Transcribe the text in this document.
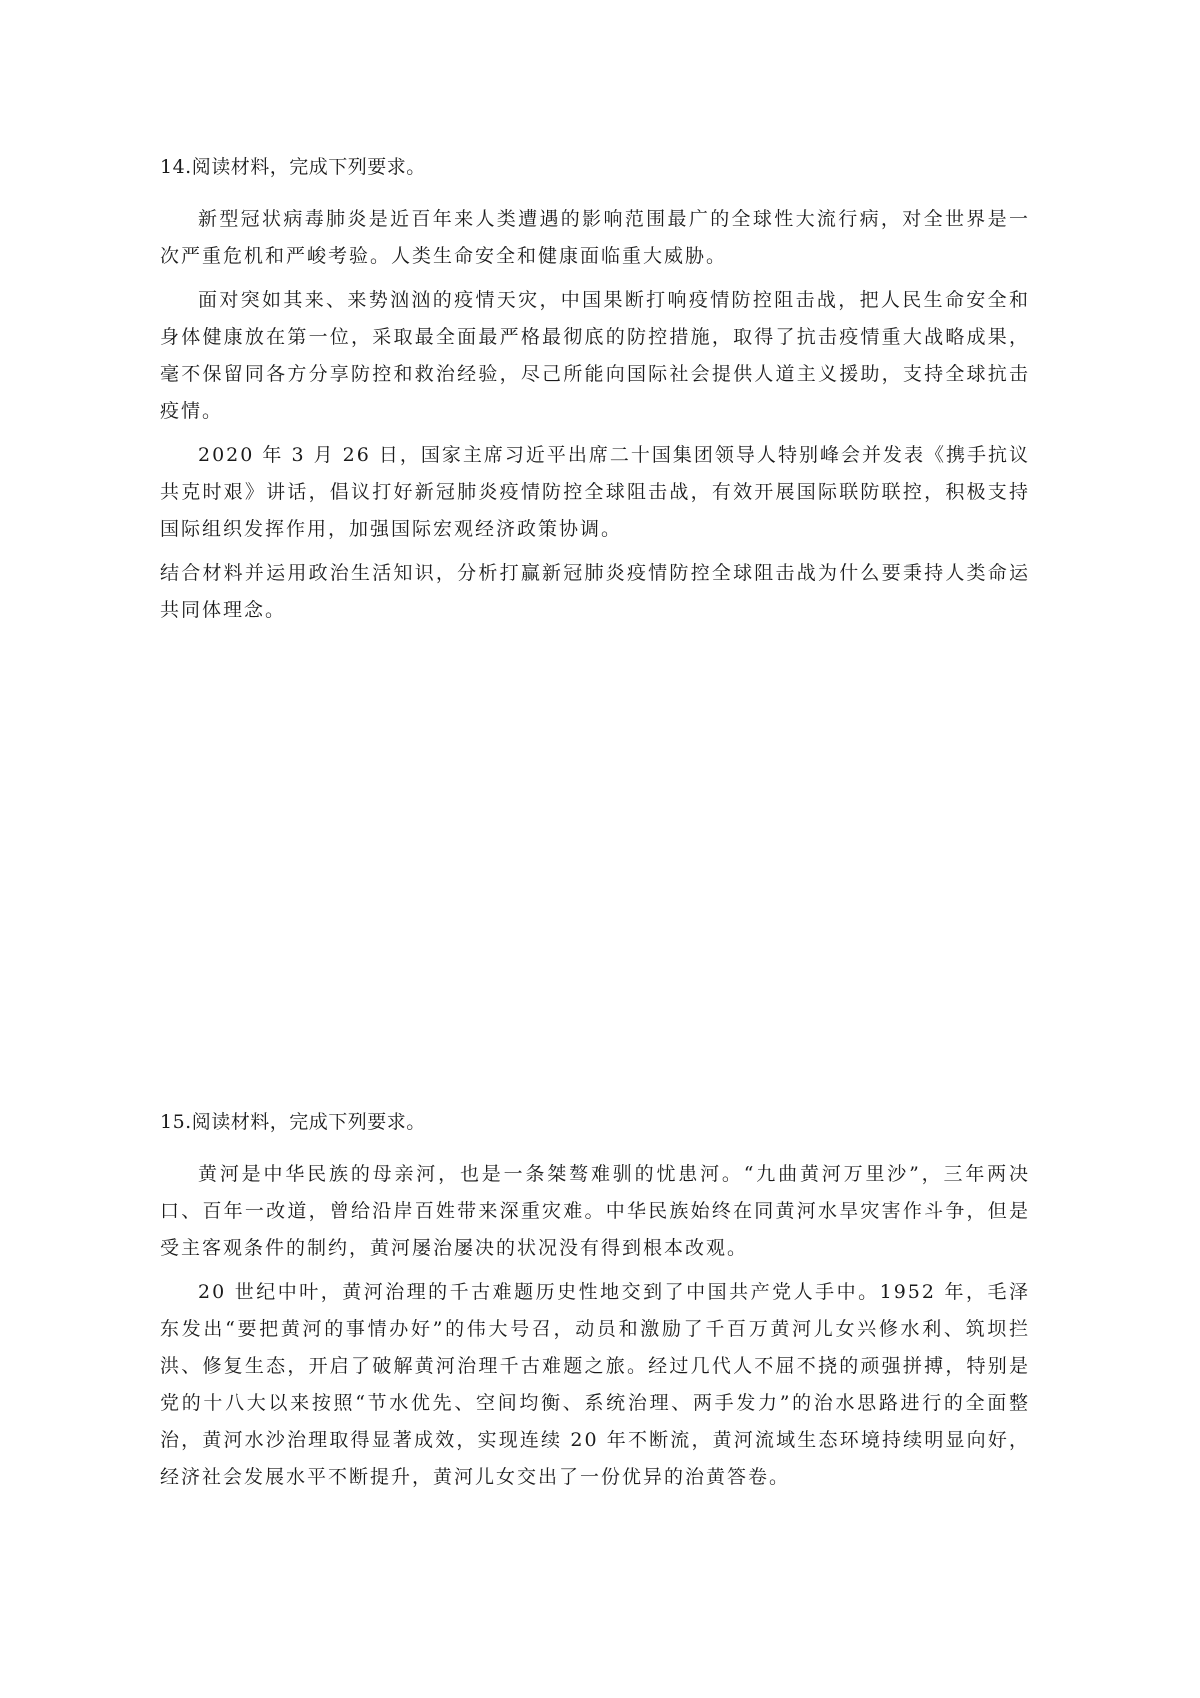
14.阅读材料，完成下列要求。

新型冠状病毒肺炎是近百年来人类遭遇的影响范围最广的全球性大流行病，对全世界是一次严重危机和严峻考验。人类生命安全和健康面临重大威胁。

面对突如其来、来势汹汹的疫情天灾，中国果断打响疫情防控阻击战，把人民生命安全和身体健康放在第一位，采取最全面最严格最彻底的防控措施，取得了抗击疫情重大战略成果，毫不保留同各方分享防控和救治经验，尽己所能向国际社会提供人道主义援助，支持全球抗击疫情。

2020 年 3 月 26 日，国家主席习近平出席二十国集团领导人特别峰会并发表《携手抗议 共克时艰》讲话，倡议打好新冠肺炎疫情防控全球阻击战，有效开展国际联防联控，积极支持国际组织发挥作用，加强国际宏观经济政策协调。

结合材料并运用政治生活知识，分析打赢新冠肺炎疫情防控全球阻击战为什么要秉持人类命运共同体理念。

15.阅读材料，完成下列要求。

黄河是中华民族的母亲河，也是一条桀骜难驯的忧患河。“九曲黄河万里沙”，三年两决口、百年一改道，曾给沿岸百姓带来深重灾难。中华民族始终在同黄河水旱灾害作斗争，但是受主客观条件的制约，黄河屡治屡决的状况没有得到根本改观。

20 世纪中叶，黄河治理的千古难题历史性地交到了中国共产党人手中。1952 年，毛泽东发出“要把黄河的事情办好”的伟大号召，动员和激励了千百万黄河儿女兴修水利、筑坝拦洪、修复生态，开启了破解黄河治理千古难题之旅。经过几代人不屈不挠的顽强拼搏，特别是党的十八大以来按照“节水优先、空间均衡、系统治理、两手发力”的治水思路进行的全面整治，黄河水沙治理取得显著成效，实现连续 20 年不断流，黄河流域生态环境持续明显向好，经济社会发展水平不断提升，黄河儿女交出了一份优异的治黄答卷。
